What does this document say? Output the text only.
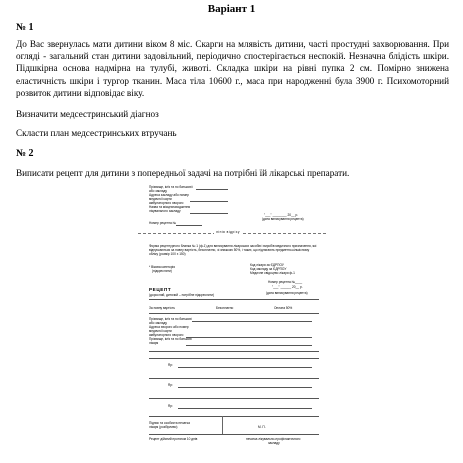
Варіант 1
№ 1
До Вас звернулась мати дитини віком 8 міс. Скарги на млявість дитини, часті простудні захворювання. При огляді - загальний стан дитини задовільний, періодично спостерігається неспокій. Незначна блідість шкіри. Підшкірна основа надмірна на тулубі, животі. Складка шкіри на рівні пупка 2 см. Помірно знижена еластичність шкіри і тургор тканин. Маса тіла 10600 г., маса при народженні була 3900 г. Психомоторний розвиток дитини відповідає віку.
Визначити медсестринський діагноз
Скласти план медсестринських втручань
№ 2
Виписати рецепт для дитини з попередньої задачі на потрібні їй лікарські препарати.
Прізвище, ім'я та по батькові і
або закладу
Адреса закладу або номер
медичної карти
амбулаторного хворого
Назва та місцезнаходження
лікувального закладу
"___" ________ 20__ р.
(дата виписування рецепта)
Номер рецепта №
лінія відрізу
Форма рецептурного бланка № 1 (ф-1) для виписування лікарських засобів і виробів медичного призначення, які відпускаються за повну вартість, безоплатно, зі знижкою 50%, і таких, що підлягають предметно-кількісному обліку (розмір 100 х 150)
* Вікова категорія
(підкреслити)
Код лікаря за ЄДРПОУ
Код закладу за ЄДРПОУ
Медичне свідоцтво лікаря ф-1
Номер рецепта №____
"___" ______ 20__ р.
РЕЦЕПТ
(дорослий, дитячий – потрібне підкреслити)	(дата виписування рецепта)
За повну вартість	Безоплатно	Оплата 50%
Прізвище, ім'я та по батькові
або закладу
Адреса хворого або номер
медичної карти
амбулаторного хворого
Прізвище, ім'я та по батькові
лікаря
Rp:
Rp:
Rp:
Підпис та особиста печатка
лікаря (розбірливо)	М. П.
Рецепт дійсний протягом 10 днів	печатка лікувально-профілактичного
закладу
